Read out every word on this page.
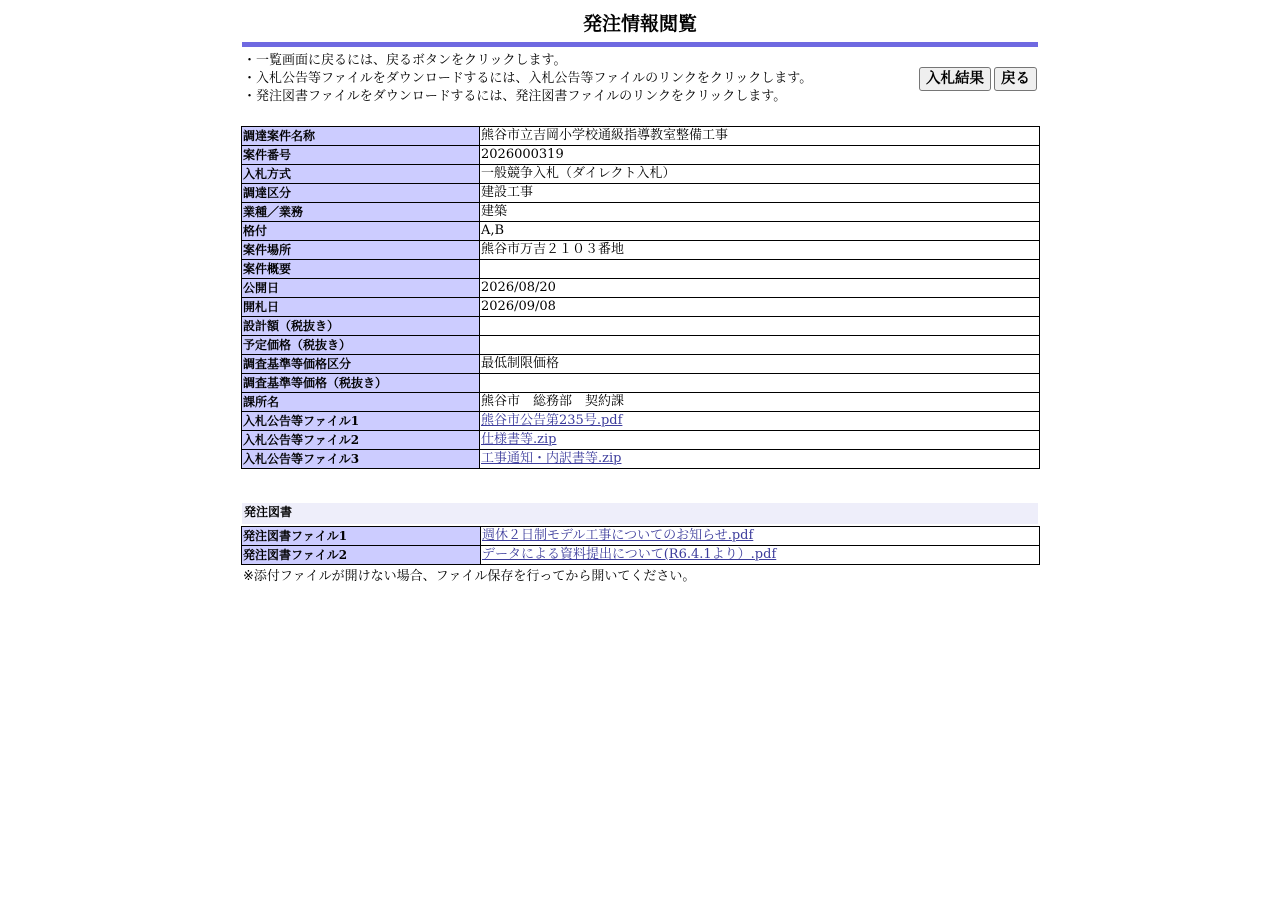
発注情報閲覧
・一覧画面に戻るには、戻るボタンをクリックします。
・入札公告等ファイルをダウンロードするには、入札公告等ファイルのリンクをクリックします。
・発注図書ファイルをダウンロードするには、発注図書ファイルのリンクをクリックします。
入札結果	戻る
調達案件名称	熊谷市立吉岡小学校通級指導教室整備工事
案件番号	2026000319
入札方式	一般競争入札（ダイレクト入札）
調達区分	建設工事
業種／業務	建築
格付	A,B
案件場所	熊谷市万吉２１０３番地
案件概要	
公開日	2026/08/20
開札日	2026/09/08
設計額（税抜き）	
予定価格（税抜き）	
調査基準等価格区分	最低制限価格
調査基準等価格（税抜き）	
課所名	熊谷市　総務部　契約課
入札公告等ファイル1	熊谷市公告第235号.pdf
入札公告等ファイル2	仕様書等.zip
入札公告等ファイル3	工事通知・内訳書等.zip
発注図書
発注図書ファイル1	週休２日制モデル工事についてのお知らせ.pdf
発注図書ファイル2	データによる資料提出について(R6.4.1より）.pdf
※添付ファイルが開けない場合、ファイル保存を行ってから開いてください。
